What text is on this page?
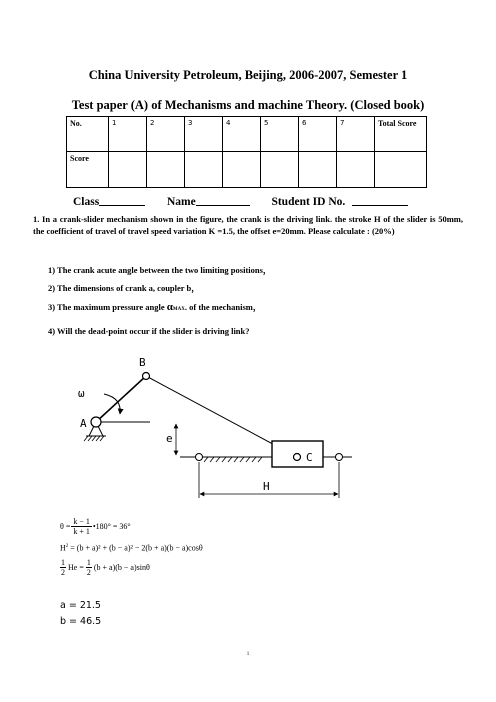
China University Petroleum, Beijing, 2006-2007, Semester 1
Test paper (A) of Mechanisms and machine Theory. (Closed book)
No.	1	2	3	4	5	6	7	Total Score
Score								
Class	Name	Student ID No.
1. In a crank-slider mechanism shown in the figure, the crank is the driving link. the stroke H of the slider is 50mm, the coefficient of travel of travel speed variation K =1.5, the offset e=20mm. Please calculate : (20%)
1) The crank acute angle between the two limiting positions，
2) The dimensions of crank a, coupler b，
3) The maximum pressure angle αMAX. of the mechanism，
4) Will the dead-point occur if the slider is driving link?
B
A
C
ω
e
H
$\theta = \frac{k - 1}{k + 1}$ •180° = 36°
$H^2 = (b + a)^2 + (b - a)^2 - 2(b + a)(b - a)\cos\theta$
$\frac{1}{2}$ $He = \frac{1}{2} (b + a)(b - a)\sin\theta$
a = 21.5
b = 46.5
1
